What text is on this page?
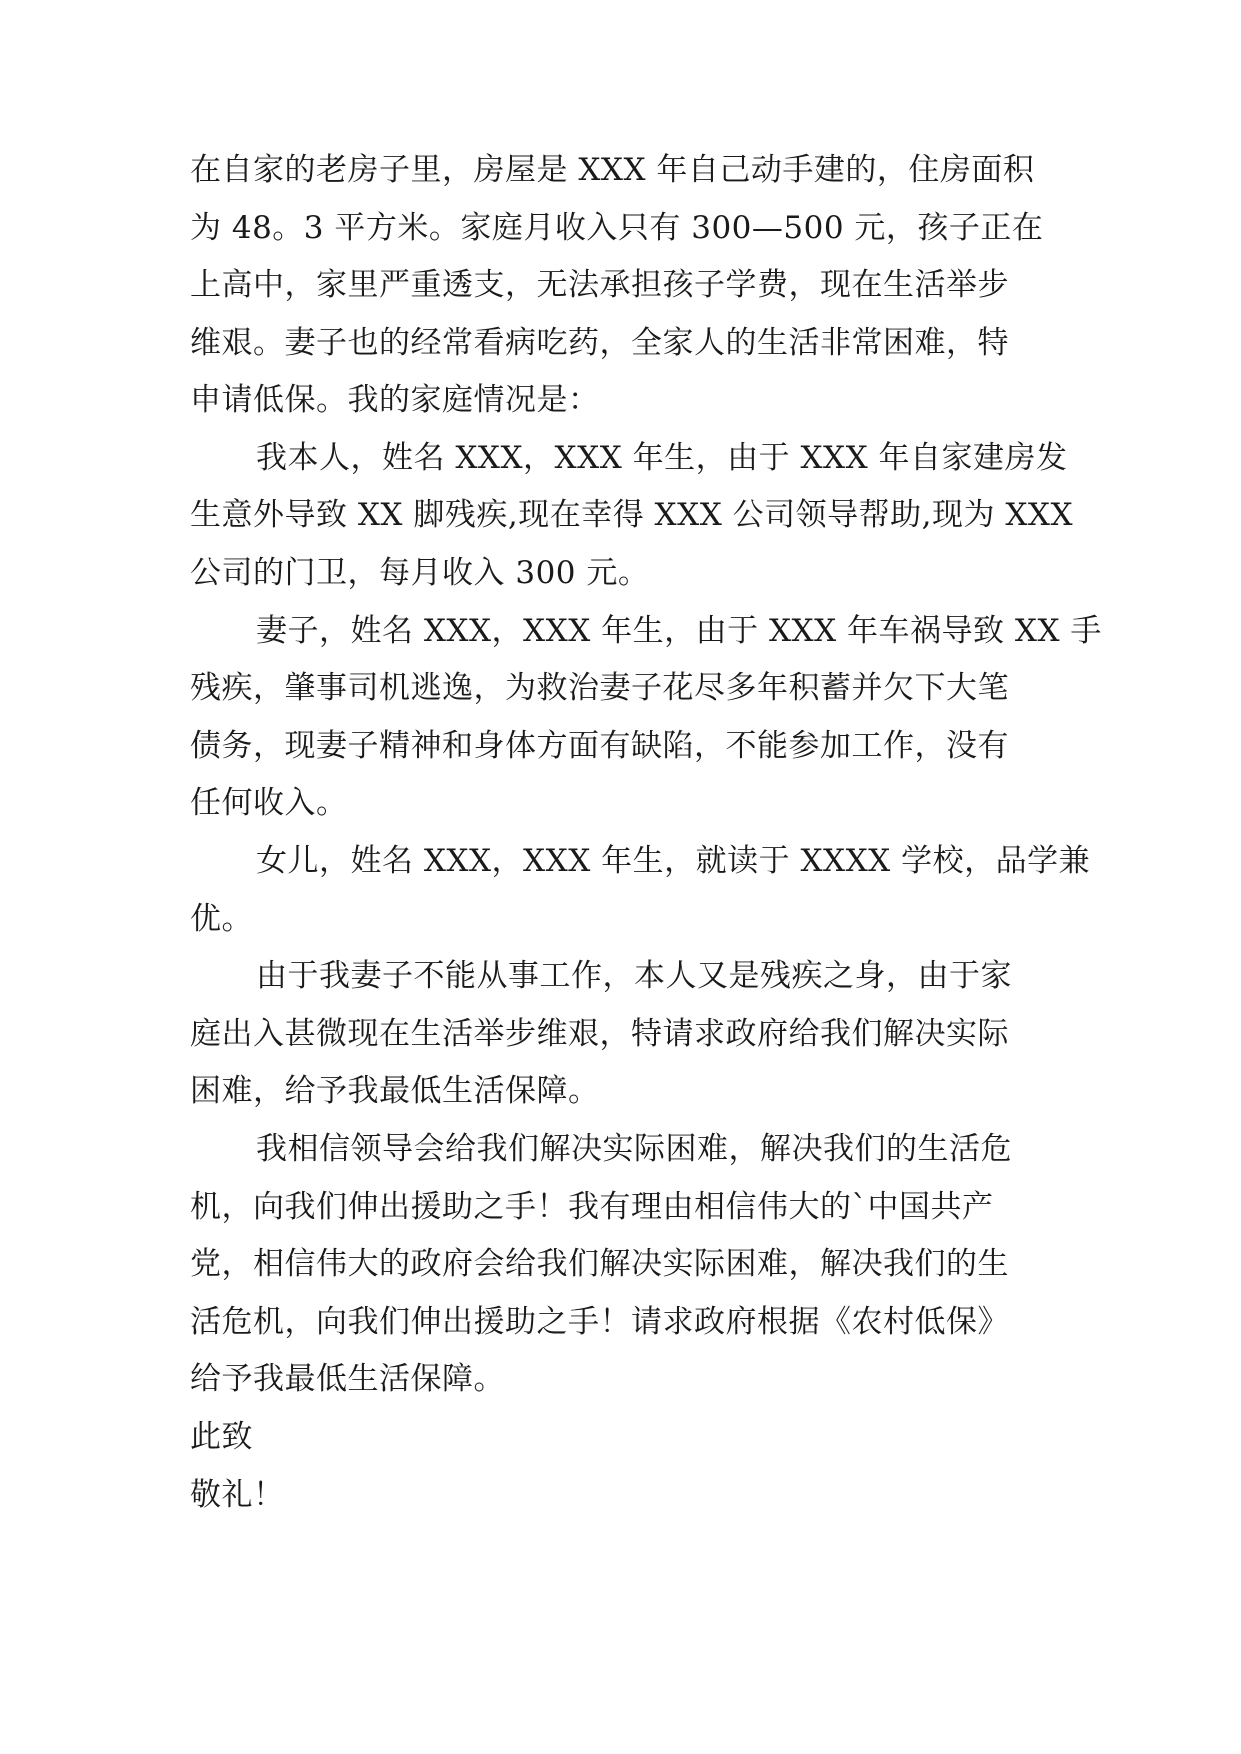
在自家的老房子里，房屋是 XXX 年自己动手建的，住房面积
为 48。3 平方米。家庭月收入只有 300—500 元，孩子正在
上高中，家里严重透支，无法承担孩子学费，现在生活举步
维艰。妻子也的经常看病吃药，全家人的生活非常困难，特
申请低保。我的家庭情况是：
我本人，姓名 XXX，XXX 年生，由于 XXX 年自家建房发
生意外导致 XX 脚残疾,现在幸得 XXX 公司领导帮助,现为 XXX
公司的门卫，每月收入 300 元。
妻子，姓名 XXX，XXX 年生，由于 XXX 年车祸导致 XX 手
残疾，肇事司机逃逸，为救治妻子花尽多年积蓄并欠下大笔
债务，现妻子精神和身体方面有缺陷，不能参加工作，没有
任何收入。
女儿，姓名 XXX，XXX 年生，就读于 XXXX 学校，品学兼
优。
由于我妻子不能从事工作，本人又是残疾之身，由于家
庭出入甚微现在生活举步维艰，特请求政府给我们解决实际
困难，给予我最低生活保障。
我相信领导会给我们解决实际困难，解决我们的生活危
机，向我们伸出援助之手！我有理由相信伟大的`中国共产
党，相信伟大的政府会给我们解决实际困难，解决我们的生
活危机，向我们伸出援助之手！请求政府根据《农村低保》
给予我最低生活保障。
此致
敬礼！
